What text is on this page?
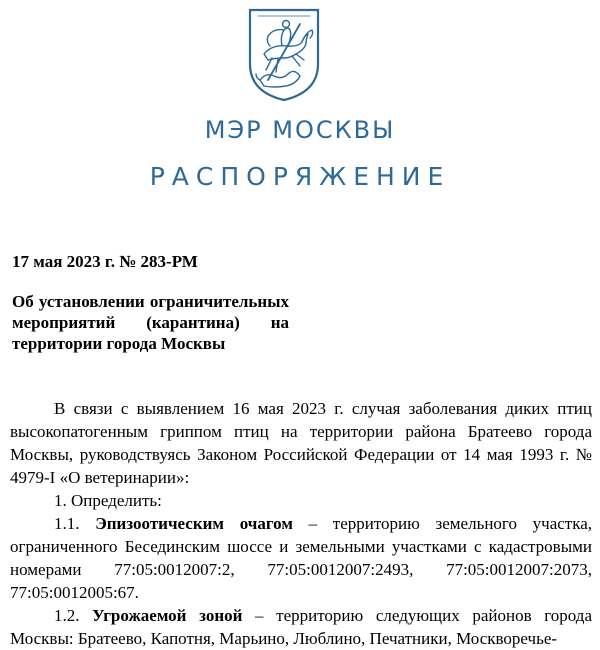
МЭР МОСКВЫ
РАСПОРЯЖЕНИЕ
17 мая 2023 г. № 283-РМ
Об установлении ограничительных мероприятий (карантина) на территории города Москвы

В связи с выявлением 16 мая 2023 г. случая заболевания диких птиц высокопатогенным гриппом птиц на территории района Братеево города Москвы, руководствуясь Законом Российской Федерации от 14 мая 1993 г. № 4979-I «О ветеринарии»:

1. Определить:

1.1. Эпизоотическим очагом – территорию земельного участка, ограниченного Бесединским шоссе и земельными участками с кадастровыми номерами 77:05:0012007:2, 77:05:0012007:2493, 77:05:0012007:2073, 77:05:0012005:67.

1.2. Угрожаемой зоной – территорию следующих районов города Москвы: Братеево, Капотня, Марьино, Люблино, Печатники, Москворечье-
